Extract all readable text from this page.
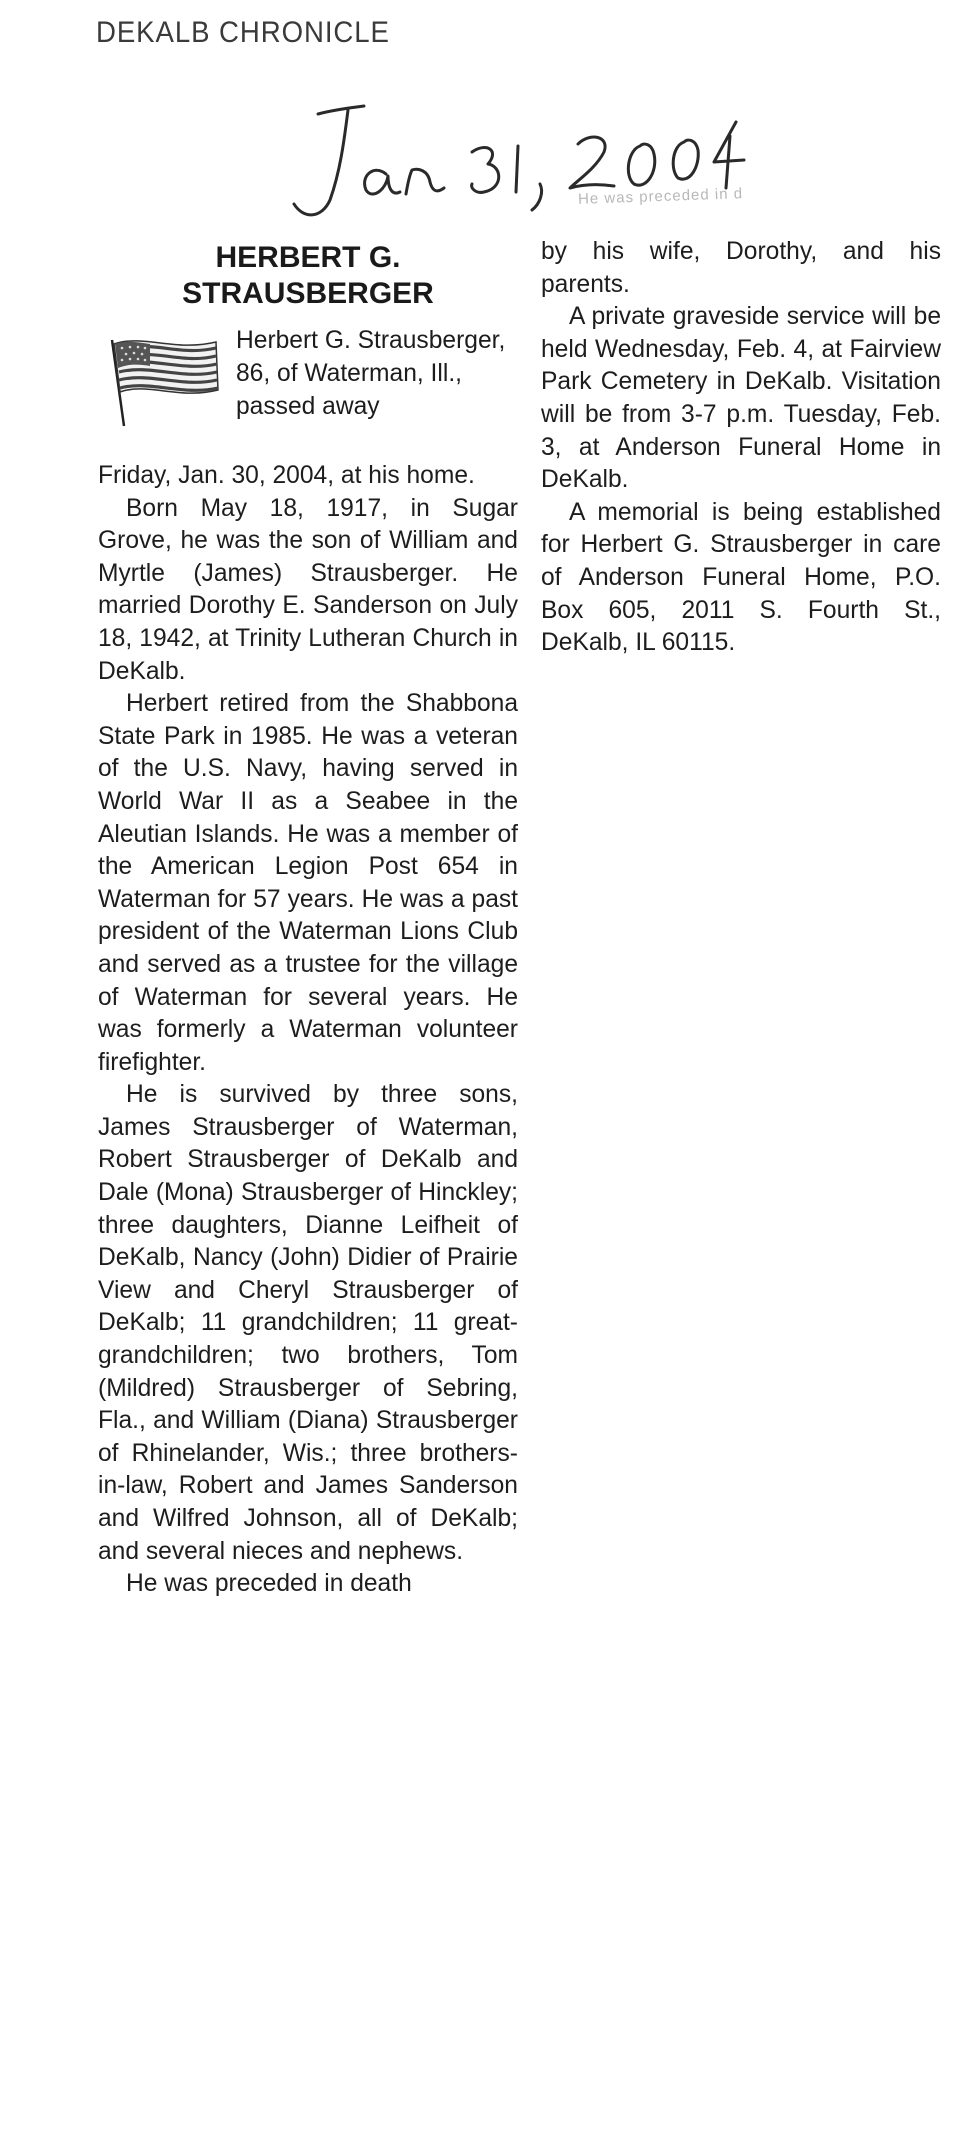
DEKALB CHRONICLE
He was preceded in d
HERBERT G.
STRAUSBERGER

Herbert G. Strausberger, 86, of Waterman, Ill., passed away

Friday, Jan. 30, 2004, at his home.

Born May 18, 1917, in Sugar Grove, he was the son of William and Myrtle (James) Strausberger. He married Dorothy E. Sanderson on July 18, 1942, at Trinity Lutheran Church in DeKalb.

Herbert retired from the Shabbona State Park in 1985. He was a veteran of the U.S. Navy, having served in World War II as a Seabee in the Aleutian Islands. He was a member of the American Legion Post 654 in Waterman for 57 years. He was a past president of the Waterman Lions Club and served as a trustee for the village of Waterman for several years. He was formerly a Waterman volunteer firefighter.

He is survived by three sons, James Strausberger of Waterman, Robert Strausberger of DeKalb and Dale (Mona) Strausberger of Hinckley; three daughters, Dianne Leifheit of DeKalb, Nancy (John) Didier of Prairie View and Cheryl Strausberger of DeKalb; 11 grandchildren; 11 great-grandchildren; two brothers, Tom (Mildred) Strausberger of Sebring, Fla., and William (Diana) Strausberger of Rhinelander, Wis.; three brothers-in-law, Robert and James Sanderson and Wilfred Johnson, all of DeKalb; and several nieces and nephews.

He was preceded in death

by his wife, Dorothy, and his parents.

A private graveside service will be held Wednesday, Feb. 4, at Fairview Park Cemetery in DeKalb. Visitation will be from 3-7 p.m. Tuesday, Feb. 3, at Anderson Funeral Home in DeKalb.

A memorial is being established for Herbert G. Strausberger in care of Anderson Funeral Home, P.O. Box 605, 2011 S. Fourth St., DeKalb, IL 60115.
